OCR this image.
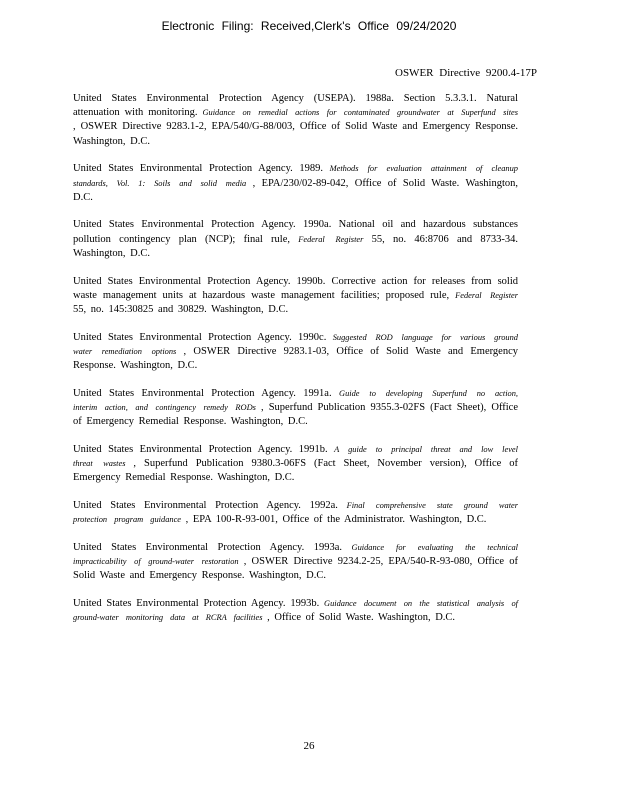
Electronic Filing: Received,Clerk's Office 09/24/2020
OSWER Directive 9200.4-17P

United States Environmental Protection Agency (USEPA). 1988a. Section 5.3.3.1. Natural attenuation with monitoring. Guidance on remedial actions for contaminated groundwater at Superfund sites , OSWER Directive 9283.1-2, EPA/540/G-88/003, Office of Solid Waste and Emergency Response. Washington, D.C.

United States Environmental Protection Agency. 1989. Methods for evaluation attainment of cleanup standards, Vol. 1: Soils and solid media , EPA/230/02-89-042, Office of Solid Waste. Washington, D.C.

United States Environmental Protection Agency. 1990a. National oil and hazardous substances pollution contingency plan (NCP); final rule, Federal Register 55, no. 46:8706 and 8733-34. Washington, D.C.

United States Environmental Protection Agency. 1990b. Corrective action for releases from solid waste management units at hazardous waste management facilities; proposed rule, Federal Register 55, no. 145:30825 and 30829. Washington, D.C.

United States Environmental Protection Agency. 1990c. Suggested ROD language for various ground water remediation options , OSWER Directive 9283.1-03, Office of Solid Waste and Emergency Response. Washington, D.C.

United States Environmental Protection Agency. 1991a. Guide to developing Superfund no action, interim action, and contingency remedy RODs , Superfund Publication 9355.3-02FS (Fact Sheet), Office of Emergency Remedial Response. Washington, D.C.

United States Environmental Protection Agency. 1991b. A guide to principal threat and low level threat wastes , Superfund Publication 9380.3-06FS (Fact Sheet, November version), Office of Emergency Remedial Response. Washington, D.C.

United States Environmental Protection Agency. 1992a. Final comprehensive state ground water protection program guidance , EPA 100-R-93-001, Office of the Administrator. Washington, D.C.

United States Environmental Protection Agency. 1993a. Guidance for evaluating the technical impracticability of ground-water restoration , OSWER Directive 9234.2-25, EPA/540-R-93-080, Office of Solid Waste and Emergency Response. Washington, D.C.

United States Environmental Protection Agency. 1993b. Guidance document on the statistical analysis of ground-water monitoring data at RCRA facilities , Office of Solid Waste. Washington, D.C.

26
